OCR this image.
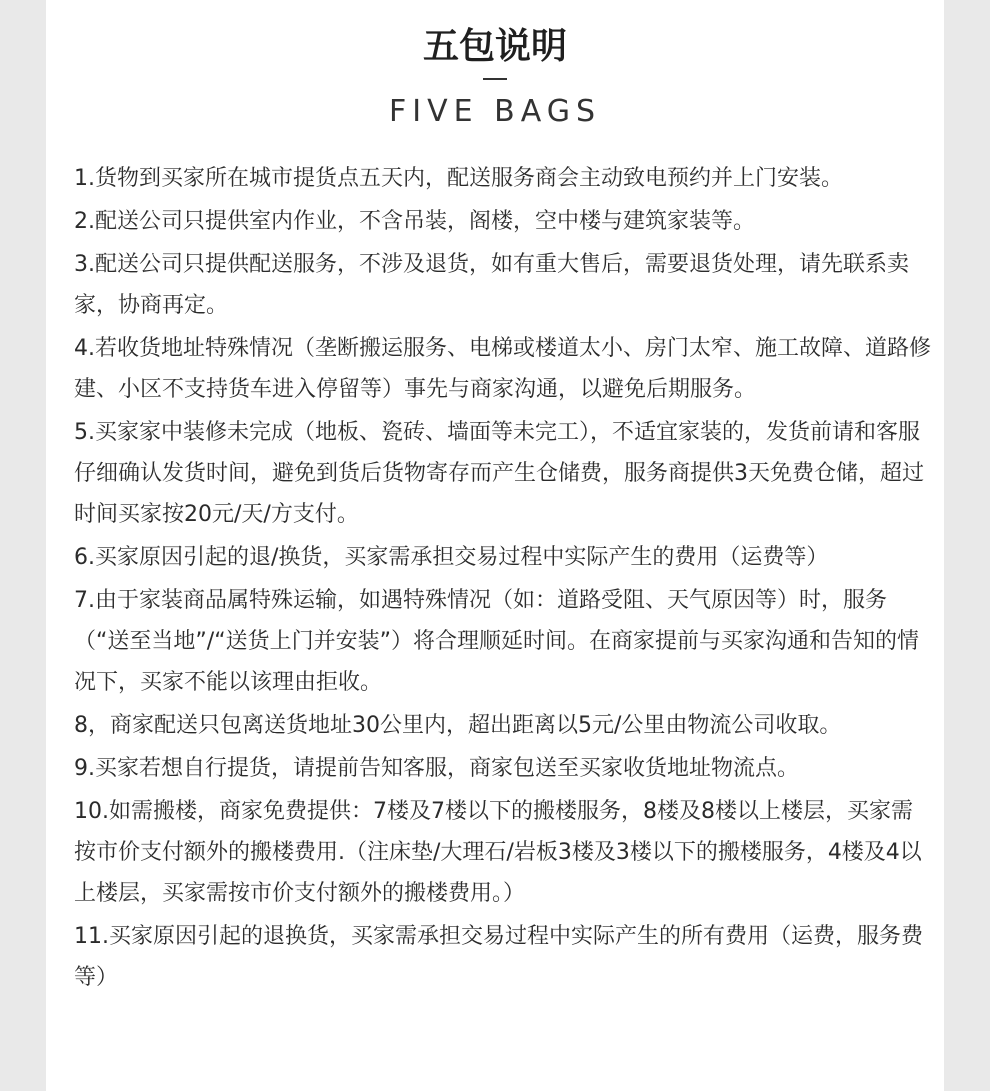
五包说明
FIVE BAGS
1.货物到买家所在城市提货点五天内，配送服务商会主动致电预约并上门安装。
2.配送公司只提供室内作业，不含吊装，阁楼，空中楼与建筑家装等。
3.配送公司只提供配送服务，不涉及退货，如有重大售后，需要退货处理，请先联系卖家，协商再定。
4.若收货地址特殊情况（垄断搬运服务、电梯或楼道太小、房门太窄、施工故障、道路修建、小区不支持货车进入停留等）事先与商家沟通，以避免后期服务。
5.买家家中装修未完成（地板、瓷砖、墙面等未完工），不适宜家装的，发货前请和客服仔细确认发货时间，避免到货后货物寄存而产生仓储费，服务商提供3天免费仓储，超过时间买家按20元/天/方支付。
6.买家原因引起的退/换货，买家需承担交易过程中实际产生的费用（运费等）
7.由于家装商品属特殊运输，如遇特殊情况（如：道路受阻、天气原因等）时，服务（“送至当地”/“送货上门并安装”）将合理顺延时间。在商家提前与买家沟通和告知的情况下，买家不能以该理由拒收。
8，商家配送只包离送货地址30公里内，超出距离以5元/公里由物流公司收取。
9.买家若想自行提货，请提前告知客服，商家包送至买家收货地址物流点。
10.如需搬楼，商家免费提供：7楼及7楼以下的搬楼服务，8楼及8楼以上楼层，买家需按市价支付额外的搬楼费用.（注床垫/大理石/岩板3楼及3楼以下的搬楼服务，4楼及4以上楼层，买家需按市价支付额外的搬楼费用。）
11.买家原因引起的退换货，买家需承担交易过程中实际产生的所有费用（运费，服务费等）
